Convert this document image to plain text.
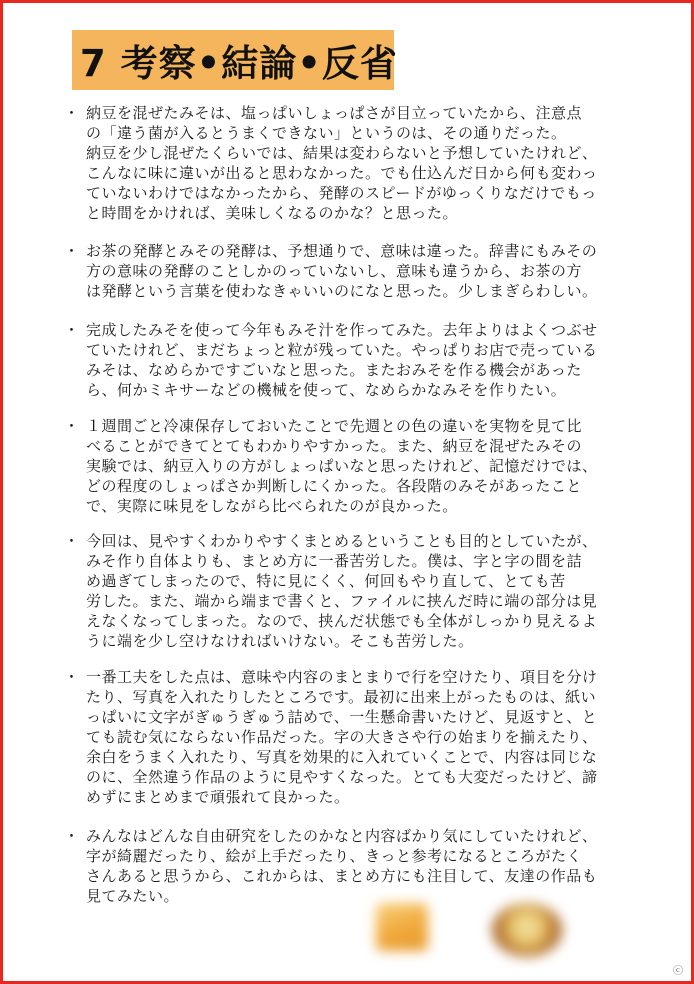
7 考察•結論•反省
・ 納豆を混ぜたみそは、塩っぱいしょっぱさが目立っていたから、注意点
の「違う菌が入るとうまくできない」というのは、その通りだった。
納豆を少し混ぜたくらいでは、結果は変わらないと予想していたけれど、
こんなに味に違いが出ると思わなかった。でも仕込んだ日から何も変わっ
ていないわけではなかったから、発酵のスピードがゆっくりなだけでもっ
と時間をかければ、美味しくなるのかな？と思った。
・ お茶の発酵とみその発酵は、予想通りで、意味は違った。辞書にもみその
方の意味の発酵のことしかのっていないし、意味も違うから、お茶の方
は発酵という言葉を使わなきゃいいのになと思った。少しまぎらわしい。
・ 完成したみそを使って今年もみそ汁を作ってみた。去年よりはよくつぶせ
ていたけれど、まだちょっと粒が残っていた。やっぱりお店で売っている
みそは、なめらかですごいなと思った。またおみそを作る機会があった
ら、何かミキサーなどの機械を使って、なめらかなみそを作りたい。
・ １週間ごと冷凍保存しておいたことで先週との色の違いを実物を見て比
べることができてとてもわかりやすかった。また、納豆を混ぜたみその
実験では、納豆入りの方がしょっぱいなと思ったけれど、記憶だけでは、
どの程度のしょっぱさか判断しにくかった。各段階のみそがあったこと
で、実際に味見をしながら比べられたのが良かった。
・ 今回は、見やすくわかりやすくまとめるということも目的としていたが、
みそ作り自体よりも、まとめ方に一番苦労した。僕は、字と字の間を詰
め過ぎてしまったので、特に見にくく、何回もやり直して、とても苦
労した。また、端から端まで書くと、ファイルに挟んだ時に端の部分は見
えなくなってしまった。なので、挟んだ状態でも全体がしっかり見えるよ
うに端を少し空けなければいけない。そこも苦労した。
・ 一番工夫をした点は、意味や内容のまとまりで行を空けたり、項目を分け
たり、写真を入れたりしたところです。最初に出来上がったものは、紙い
っぱいに文字がぎゅうぎゅう詰めで、一生懸命書いたけど、見返すと、と
ても読む気にならない作品だった。字の大きさや行の始まりを揃えたり、
余白をうまく入れたり、写真を効果的に入れていくことで、内容は同じな
のに、全然違う作品のように見やすくなった。とても大変だったけど、諦
めずにまとめまで頑張れて良かった。
・ みんなはどんな自由研究をしたのかなと内容ばかり気にしていたけれど、
字が綺麗だったり、絵が上手だったり、きっと参考になるところがたく
さんあると思うから、これからは、まとめ方にも注目して、友達の作品も
見てみたい。
ⓒ
